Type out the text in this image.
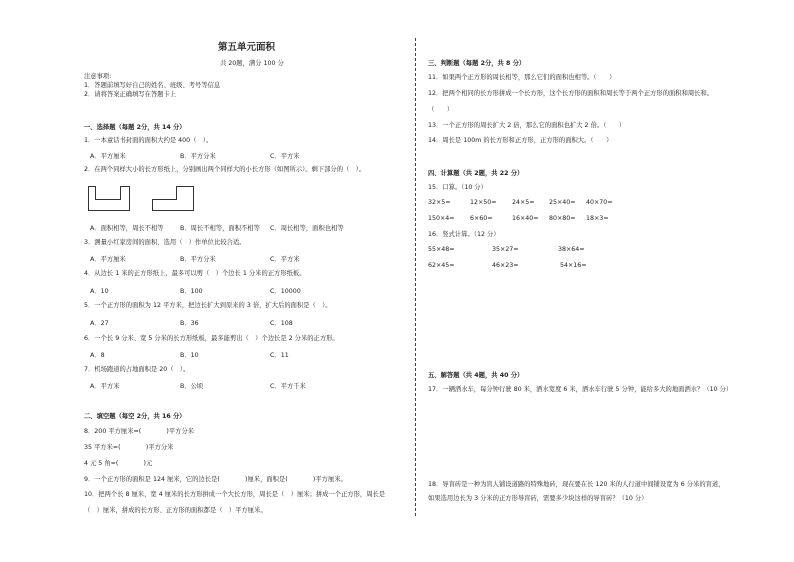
第五单元面积
共 20题，满分 100 分
注意事项:
1．答题前填写好自己的姓名、班级、考号等信息
2．请将答案正确填写在答题卡上
一、选择题（每题 2分，共 14 分）
1．一本童话书封面的面积大约是 400（　）。
A．平方厘米	B．平方分米	C．平方米
2．在两个同样大小的长方形纸上，分别画出两个同样大的小长方形（如图所示）。剩下部分的（　）。
A．面积相等，周长不相等	B．周长不相等，面积不相等 C．周长相等，面积也相等
3．测量小红家房间的面积，选用（　）作单位比较合适。
A．平方厘米	B．平方分米	C．平方米
4．从边长 1 米的正方形纸上，最多可以剪（　）个边长 1 分米的正方形纸板。
A．10	B．100	C．10000
5．一个正方形的面积为 12 平方米，把边长扩大到原来的 3 倍，扩大后的面积是（　）。
A．27	B．36	C．108
6．一个长 9 分米、宽 5 分米的长方形纸板，最多能剪出（　）个边长是 2 分米的正方形。
A．8	B．10	C．11
7．机场跑道的占地面积是 20（　）。
A．平方米	B．公顷	C．平方千米
二、填空题（每空 2分，共 16 分）
8．200 平方厘米=(　　　　)平方分米
35 平方米=(　　　　)平方分米
4 元 5 角=(　　　　)元
9．一个正方形的面积是 124 厘米，它的边长是(　　　　)厘米，面积是(　　　　)平方厘米。
10．把两个长 8 厘米，宽 4 厘米的长方形拼成一个大长方形，周长是（　）厘米；拼成一个正方形，周长是
（　）厘米，拼成的长方形、正方形的面积都是（　）平方厘米。
三、判断题（每题 2分，共 8 分）
11．如果两个正方形的周长相等，那么它们的面积也相等。（　　）
12．把两个相同的长方形拼成一个长方形，这个长方形的面积和周长等于两个正方形的面积和周长和。
（　　）
13．一个正方形的周长扩大 2 倍，那么它的面积也扩大 2 倍。（　　）
14．周长是 100m 的长方形和正方形，正方形的面积大。（　　）
四、计算题（共 2题，共 22 分）
15．口算。（10 分）
32×5=	12×50= 24×5= 25×40= 40×70=
150×4= 6×60=	16×40= 80×80= 18×3=
16．竖式计算。（12 分）
55×48=	35×27=	38×64=
62×45=	46×23=	54×16=
五、解答题（共 4题，共 40 分）
17．一辆洒水车，每分钟行驶 80 米，洒水宽度 6 米，洒水车行驶 5 分钟，能给多大的地面洒水？（10 分）
18．导盲砖是一种为盲人铺设道路的特殊地砖，现在要在长 120 米的人行道中间铺设宽为 6 分米的盲道，
如果选用边长为 3 分米的正方形导盲砖，需要多少块这样的导盲砖？（10 分）
